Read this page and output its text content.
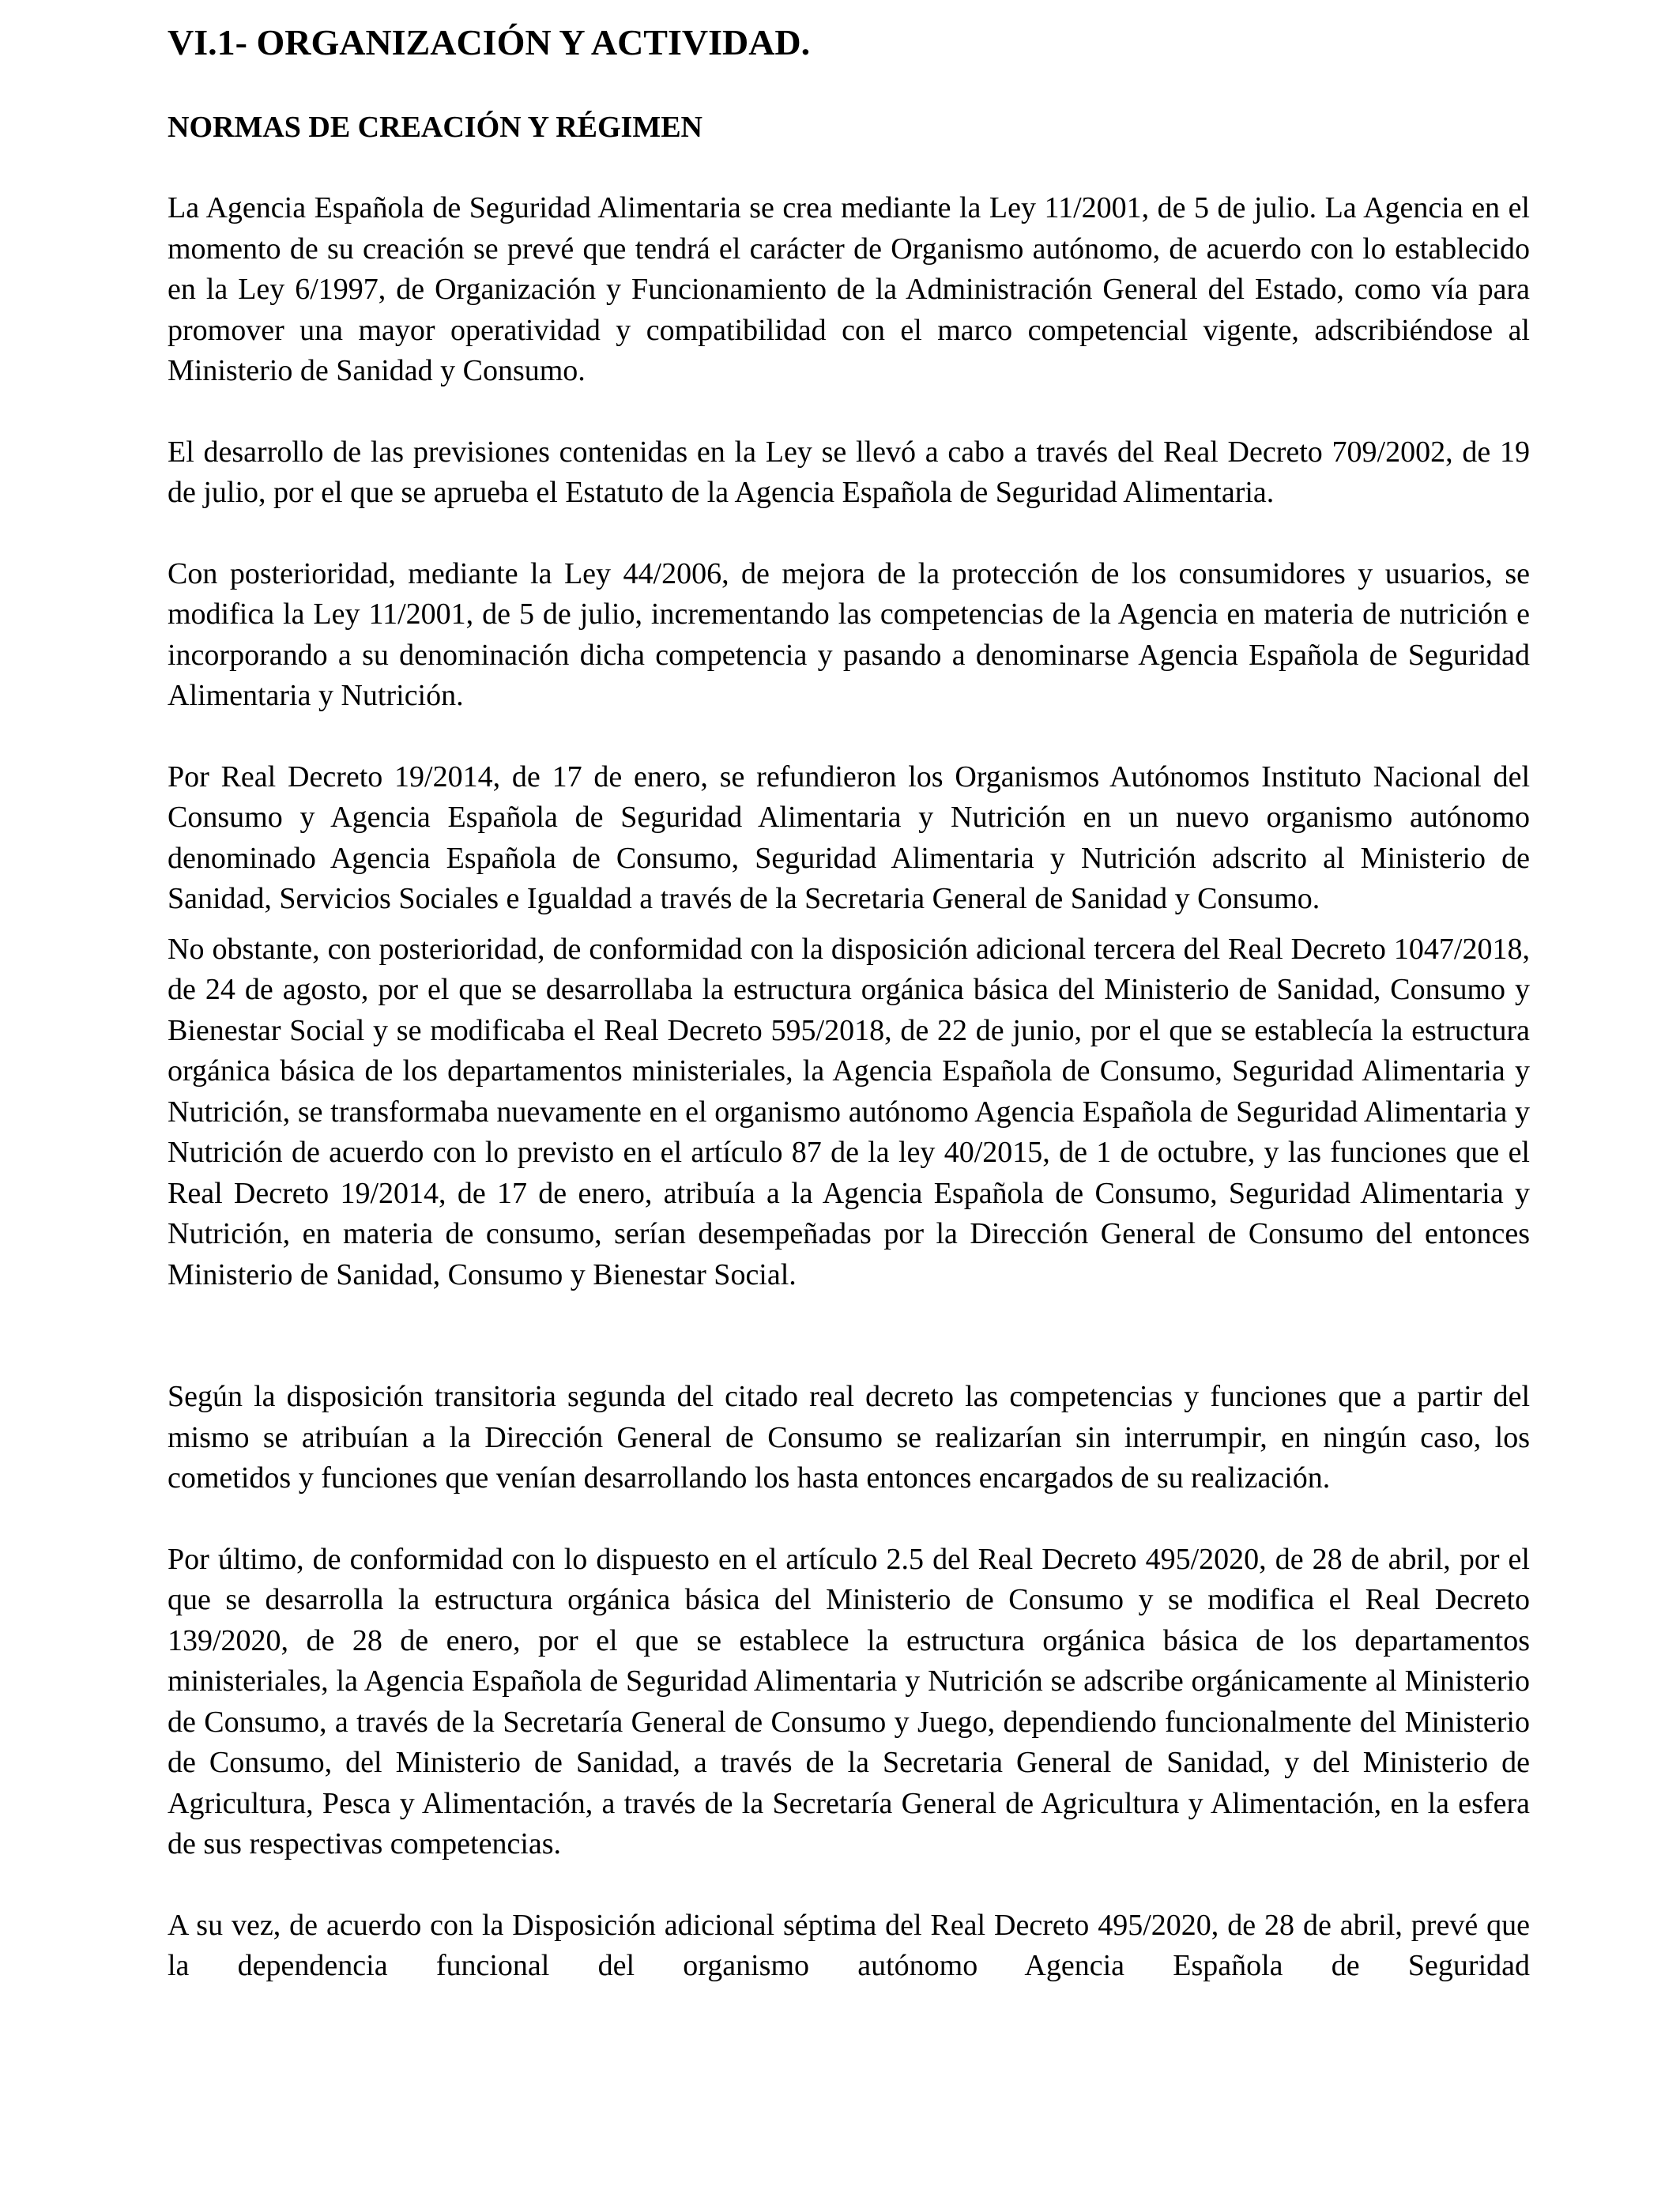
VI.1- ORGANIZACIÓN Y ACTIVIDAD.
NORMAS DE CREACIÓN Y RÉGIMEN

La Agencia Española de Seguridad Alimentaria se crea mediante la Ley 11/2001, de 5 de julio. La Agencia en el momento de su creación se prevé que tendrá el carácter de Organismo autónomo, de acuerdo con lo establecido en la Ley 6/1997, de Organización y Funcionamiento de la Administración General del Estado, como vía para promover una mayor operatividad y compatibilidad con el marco competencial vigente, adscribiéndose al Ministerio de Sanidad y Consumo.

El desarrollo de las previsiones contenidas en la Ley se llevó a cabo a través del Real Decreto 709/2002, de 19 de julio, por el que se aprueba el Estatuto de la Agencia Española de Seguridad Alimentaria.

Con posterioridad, mediante la Ley 44/2006, de mejora de la protección de los consumidores y usuarios, se modifica la Ley 11/2001, de 5 de julio, incrementando las competencias de la Agencia en materia de nutrición e incorporando a su denominación dicha competencia y pasando a denominarse Agencia Española de Seguridad Alimentaria y Nutrición.

Por Real Decreto 19/2014, de 17 de enero, se refundieron los Organismos Autónomos Instituto Nacional del Consumo y Agencia Española de Seguridad Alimentaria y Nutrición en un nuevo organismo autónomo denominado Agencia Española de Consumo, Seguridad Alimentaria y Nutrición adscrito al Ministerio de Sanidad, Servicios Sociales e Igualdad a través de la Secretaria General de Sanidad y Consumo.

No obstante, con posterioridad, de conformidad con la disposición adicional tercera del Real Decreto 1047/2018, de 24 de agosto, por el que se desarrollaba la estructura orgánica básica del Ministerio de Sanidad, Consumo y Bienestar Social y se modificaba el Real Decreto 595/2018, de 22 de junio, por el que se establecía la estructura orgánica básica de los departamentos ministeriales, la Agencia Española de Consumo, Seguridad Alimentaria y Nutrición, se transformaba nuevamente en el organismo autónomo Agencia Española de Seguridad Alimentaria y Nutrición de acuerdo con lo previsto en el artículo 87 de la ley 40/2015, de 1 de octubre, y las funciones que el Real Decreto 19/2014, de 17 de enero, atribuía a la Agencia Española de Consumo, Seguridad Alimentaria y Nutrición, en materia de consumo, serían desempeñadas por la Dirección General de Consumo del entonces Ministerio de Sanidad, Consumo y Bienestar Social.

Según la disposición transitoria segunda del citado real decreto las competencias y funciones que a partir del mismo se atribuían a la Dirección General de Consumo se realizarían sin interrumpir, en ningún caso, los cometidos y funciones que venían desarrollando los hasta entonces encargados de su realización.

Por último, de conformidad con lo dispuesto en el artículo 2.5 del Real Decreto 495/2020, de 28 de abril, por el que se desarrolla la estructura orgánica básica del Ministerio de Consumo y se modifica el Real Decreto 139/2020, de 28 de enero, por el que se establece la estructura orgánica básica de los departamentos ministeriales, la Agencia Española de Seguridad Alimentaria y Nutrición se adscribe orgánicamente al Ministerio de Consumo, a través de la Secretaría General de Consumo y Juego, dependiendo funcionalmente del Ministerio de Consumo, del Ministerio de Sanidad, a través de la Secretaria General de Sanidad, y del Ministerio de Agricultura, Pesca y Alimentación, a través de la Secretaría General de Agricultura y Alimentación, en la esfera de sus respectivas competencias.

A su vez, de acuerdo con la Disposición adicional séptima del Real Decreto 495/2020, de 28 de abril, prevé que la dependencia funcional del organismo autónomo Agencia Española de Seguridad
